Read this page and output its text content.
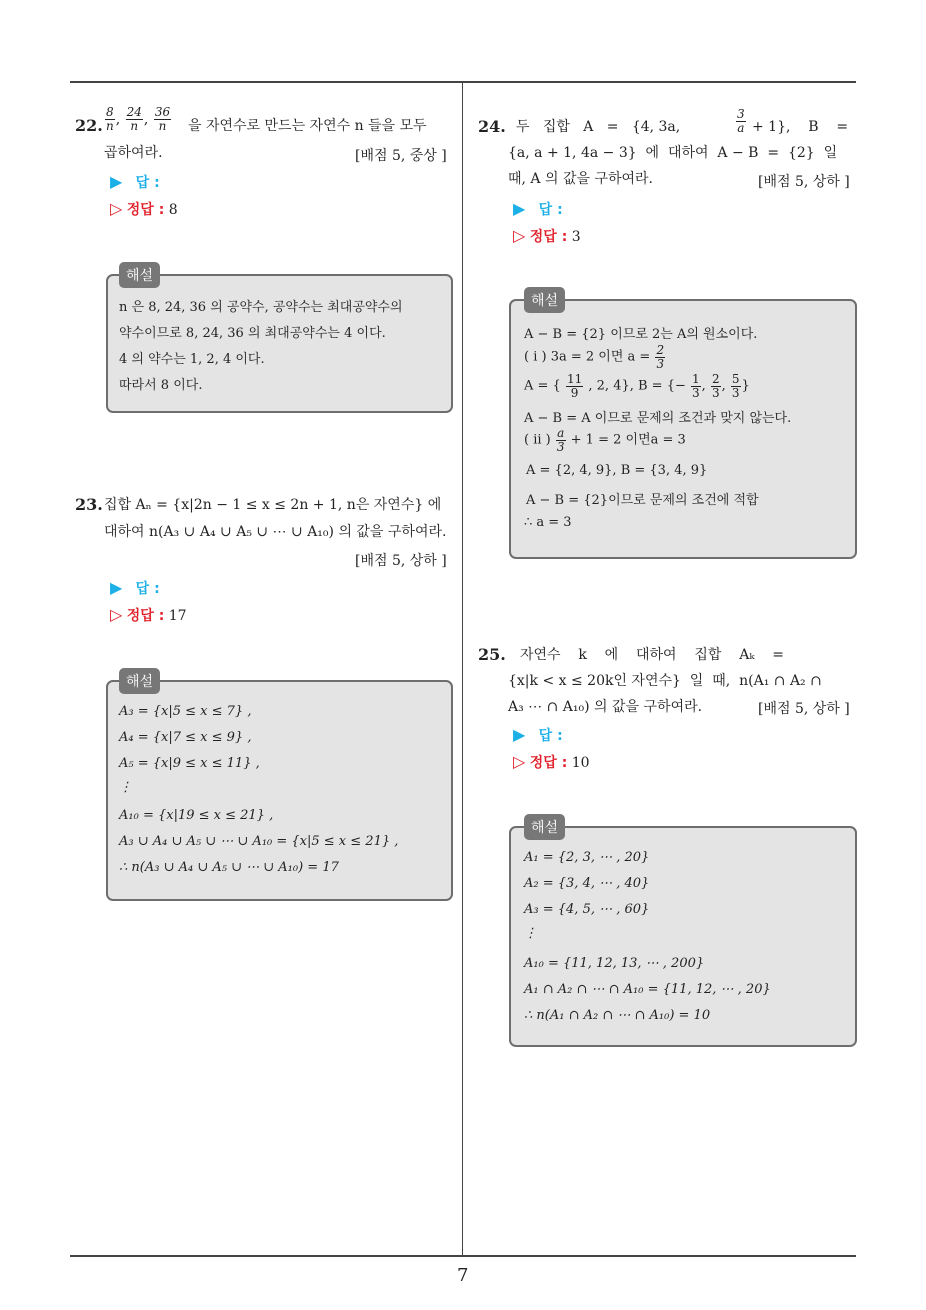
22. $\frac{8}{n}$ , $\frac{24}{n}$ , $\frac{36}{n}$ 을 자연수로 만드는 자연수 n 들을 모두
곱하여라.	[배점 5, 중상 ]
▶ 답 :
▷ 정답 : 8
n 은 8, 24, 36 의 공약수, 공약수는 최대공약수의
약수이므로 8, 24, 36 의 최대공약수는 4 이다.
4 의 약수는 1, 2, 4 이다.
따라서 8 이다.
해설
23. 집합 Aₙ = {x|2n − 1 ≤ x ≤ 2n + 1, n은 자연수} 에
대하여 n(A₃ ∪ A₄ ∪ A₅ ∪ ⋯ ∪ A₁₀) 의 값을 구하여라.
[배점 5, 상하 ]
▶ 답 :
▷ 정답 : 17
A₃ = {x|5 ≤ x ≤ 7} ,
A₄ = {x|7 ≤ x ≤ 9} ,
A₅ = {x|9 ≤ x ≤ 11} ,
⋮
A₁₀ = {x|19 ≤ x ≤ 21} ,
A₃ ∪ A₄ ∪ A₅ ∪ ⋯ ∪ A₁₀ = {x|5 ≤ x ≤ 21} ,
∴ n(A₃ ∪ A₄ ∪ A₅ ∪ ⋯ ∪ A₁₀) = 17
해설
24. 두   집합   A   =   {4, 3a,	$\frac{3}{a} + 1$},    B    =
{a, a + 1, 4a − 3}  에  대하여  A − B  =  {2}  일
때, A 의 값을 구하여라.	[배점 5, 상하 ]
▶ 답 :
▷ 정답 : 3
A − B = {2} 이므로 2는 A의 원소이다.
( i ) 3a = 2 이면 $a = \frac{2}{3}$
A = { $\frac{11}{9}$ , 2, 4}, B = {− $\frac{1}{3}$ , $\frac{2}{3}$ , $\frac{5}{3}$ }
A − B = A 이므로 문제의 조건과 맞지 않는다.
( ii ) $\frac{a}{3} + 1 = 2$ 이면a = 3
A = {2, 4, 9}, B = {3, 4, 9}
A − B = {2}이므로 문제의 조건에 적합
∴ a = 3
해설
25. 자연수    k    에    대하여    집합    Aₖ    =
{x|k < x ≤ 20k인 자연수}  일  때,  n(A₁ ∩ A₂ ∩
A₃ ⋯ ∩ A₁₀) 의 값을 구하여라.	[배점 5, 상하 ]
▶ 답 :
▷ 정답 : 10
A₁ = {2, 3, ⋯ , 20}
A₂ = {3, 4, ⋯ , 40}
A₃ = {4, 5, ⋯ , 60}
⋮
A₁₀ = {11, 12, 13, ⋯ , 200}
A₁ ∩ A₂ ∩ ⋯ ∩ A₁₀ = {11, 12, ⋯ , 20}
∴ n(A₁ ∩ A₂ ∩ ⋯ ∩ A₁₀) = 10
해설
7
